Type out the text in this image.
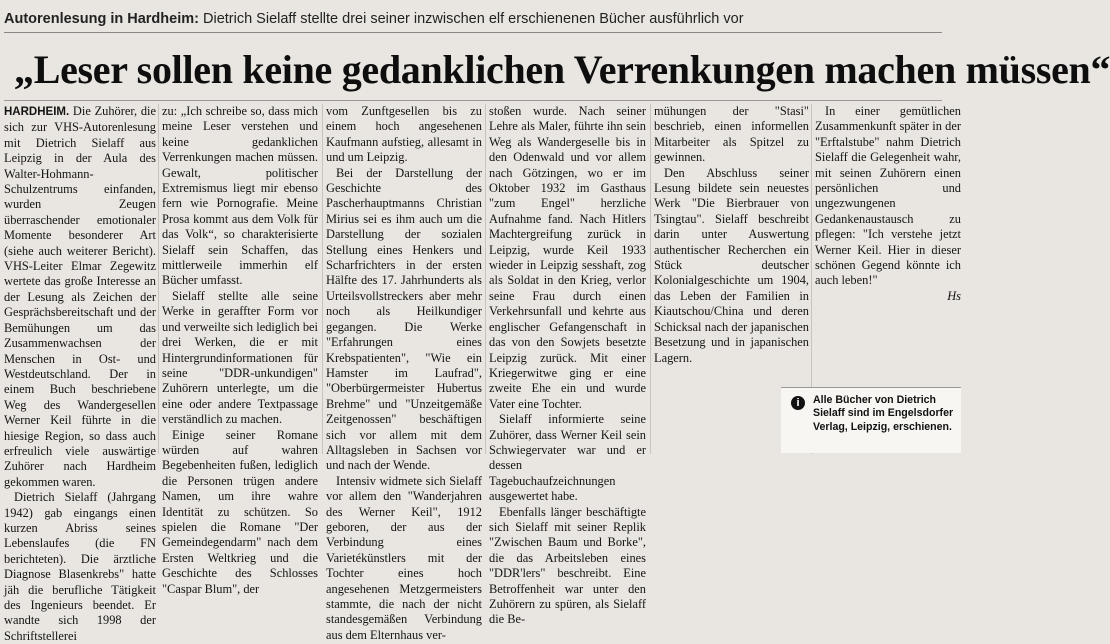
Autorenlesung in Hardheim: Dietrich Sielaff stellte drei seiner inzwischen elf erschienenen Bücher ausführlich vor
„Leser sollen keine gedanklichen Verrenkungen machen müssen“

HARDHEIM. Die Zuhörer, die sich zur VHS-Autorenlesung mit Dietrich Sielaff aus Leipzig in der Aula des Walter-Hohmann-Schulzentrums einfanden, wurden Zeugen überraschender emotionaler Momente besonderer Art (siehe auch weiterer Bericht). VHS-Leiter Elmar Zegewitz wertete das große Interesse an der Lesung als Zeichen der Gesprächsbereitschaft und der Bemühungen um das Zusammenwachsen der Menschen in Ost- und Westdeutschland. Der in einem Buch beschriebene Weg des Wandergesellen Werner Keil führte in die hiesige Region, so dass auch erfreulich viele auswärtige Zuhörer nach Hardheim gekommen waren.

Dietrich Sielaff (Jahrgang 1942) gab eingangs einen kurzen Abriss seines Lebenslaufes (die FN berichteten). Die ärztliche Diagnose Blasenkrebs" hatte jäh die berufliche Tätigkeit des Ingenieurs beendet. Er wandte sich 1998 der Schriftstellerei

zu: „Ich schreibe so, dass mich meine Leser verstehen und keine gedanklichen Verrenkungen machen müssen. Gewalt, politischer Extremismus liegt mir ebenso fern wie Pornografie. Meine Prosa kommt aus dem Volk für das Volk“, so charakterisierte Sielaff sein Schaffen, das mittlerweile immerhin elf Bücher umfasst.

Sielaff stellte alle seine Werke in geraffter Form vor und verweilte sich lediglich bei drei Werken, die er mit Hintergrundinformationen für seine "DDR-unkundigen" Zuhörern unterlegte, um die eine oder andere Textpassage verständlich zu machen.

Einige seiner Romane würden auf wahren Begebenheiten fußen, lediglich die Personen trügen andere Namen, um ihre wahre Identität zu schützen. So spielen die Romane "Der Gemeindegendarm" nach dem Ersten Weltkrieg und die Geschichte des Schlosses "Caspar Blum", der

vom Zunftgesellen bis zu einem hoch angesehenen Kaufmann aufstieg, allesamt in und um Leipzig.

Bei der Darstellung der Geschichte des Pascherhauptmanns Christian Mirius sei es ihm auch um die Darstellung der sozialen Stellung eines Henkers und Scharfrichters in der ersten Hälfte des 17. Jahrhunderts als Urteilsvollstreckers aber mehr noch als Heilkundiger gegangen. Die Werke "Erfahrungen eines Krebspatienten", "Wie ein Hamster im Laufrad", "Oberbürgermeister Hubertus Brehme" und "Unzeitgemäße Zeitgenossen" beschäftigen sich vor allem mit dem Alltagsleben in Sachsen vor und nach der Wende.

Intensiv widmete sich Sielaff vor allem den "Wanderjahren des Werner Keil", 1912 geboren, der aus der Verbindung eines Varietékünstlers mit der Tochter eines hoch angesehenen Metzgermeisters stammte, die nach der nicht standesgemäßen Verbindung aus dem Elternhaus ver-

stoßen wurde. Nach seiner Lehre als Maler, führte ihn sein Weg als Wandergeselle bis in den Odenwald und vor allem nach Götzingen, wo er im Oktober 1932 im Gasthaus "zum Engel" herzliche Aufnahme fand. Nach Hitlers Machtergreifung zurück in Leipzig, wurde Keil 1933 wieder in Leipzig sesshaft, zog als Soldat in den Krieg, verlor seine Frau durch einen Verkehrsunfall und kehrte aus englischer Gefangenschaft in das von den Sowjets besetzte Leipzig zurück. Mit einer Kriegerwitwe ging er eine zweite Ehe ein und wurde Vater eine Tochter.

Sielaff informierte seine Zuhörer, dass Werner Keil sein Schwiegervater war und er dessen Tagebuchaufzeichnungen ausgewertet habe.

Ebenfalls länger beschäftigte sich Sielaff mit seiner Replik "Zwischen Baum und Borke", die das Arbeitsleben eines "DDR'lers" beschreibt. Eine Betroffenheit war unter den Zuhörern zu spüren, als Sielaff die Be-

mühungen der "Stasi" beschrieb, einen informellen Mitarbeiter als Spitzel zu gewinnen.

Den Abschluss seiner Lesung bildete sein neuestes Werk "Die Bierbrauer von Tsingtau". Sielaff beschreibt darin unter Auswertung authentischer Recherchen ein Stück deutscher Kolonialgeschichte um 1904, das Leben der Familien in Kiautschou/China und deren Schicksal nach der japanischen Besetzung und in japanischen Lagern.

In einer gemütlichen Zusammenkunft später in der "Erftalstube" nahm Dietrich Sielaff die Gelegenheit wahr, mit seinen Zuhörern einen persönlichen und ungezwungenen Gedankenaustausch zu pflegen: "Ich verstehe jetzt Werner Keil. Hier in dieser schönen Gegend könnte ich auch leben!"

Hs

i	Alle Bücher von Dietrich Sielaff sind im Engelsdorfer Verlag, Leipzig, erschienen.
